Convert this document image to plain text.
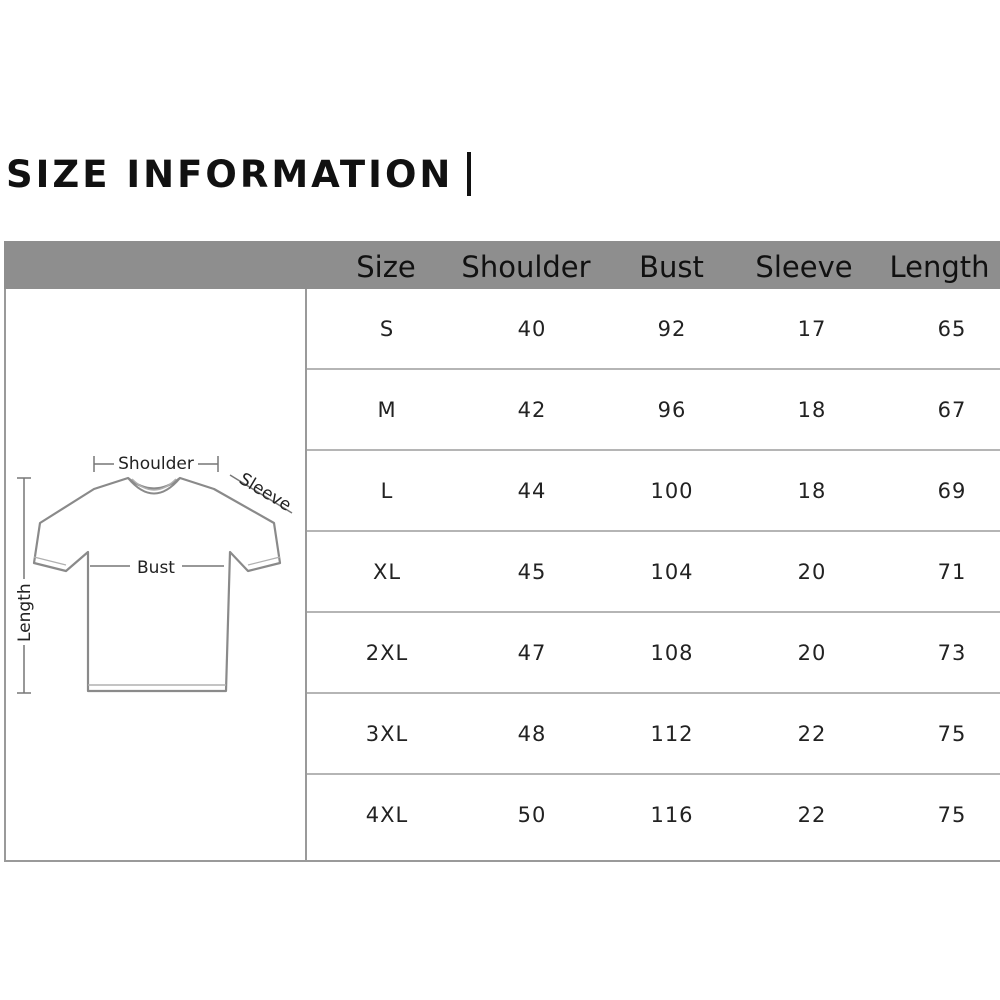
SIZE INFORMATION
Size	Shoulder	Bust	Sleeve	Length
Shoulder
Sleeve
Bust
Length
S	40	92	17	65
M	42	96	18	67
L	44	100	18	69
XL	45	104	20	71
2XL	47	108	20	73
3XL	48	112	22	75
4XL	50	116	22	75
